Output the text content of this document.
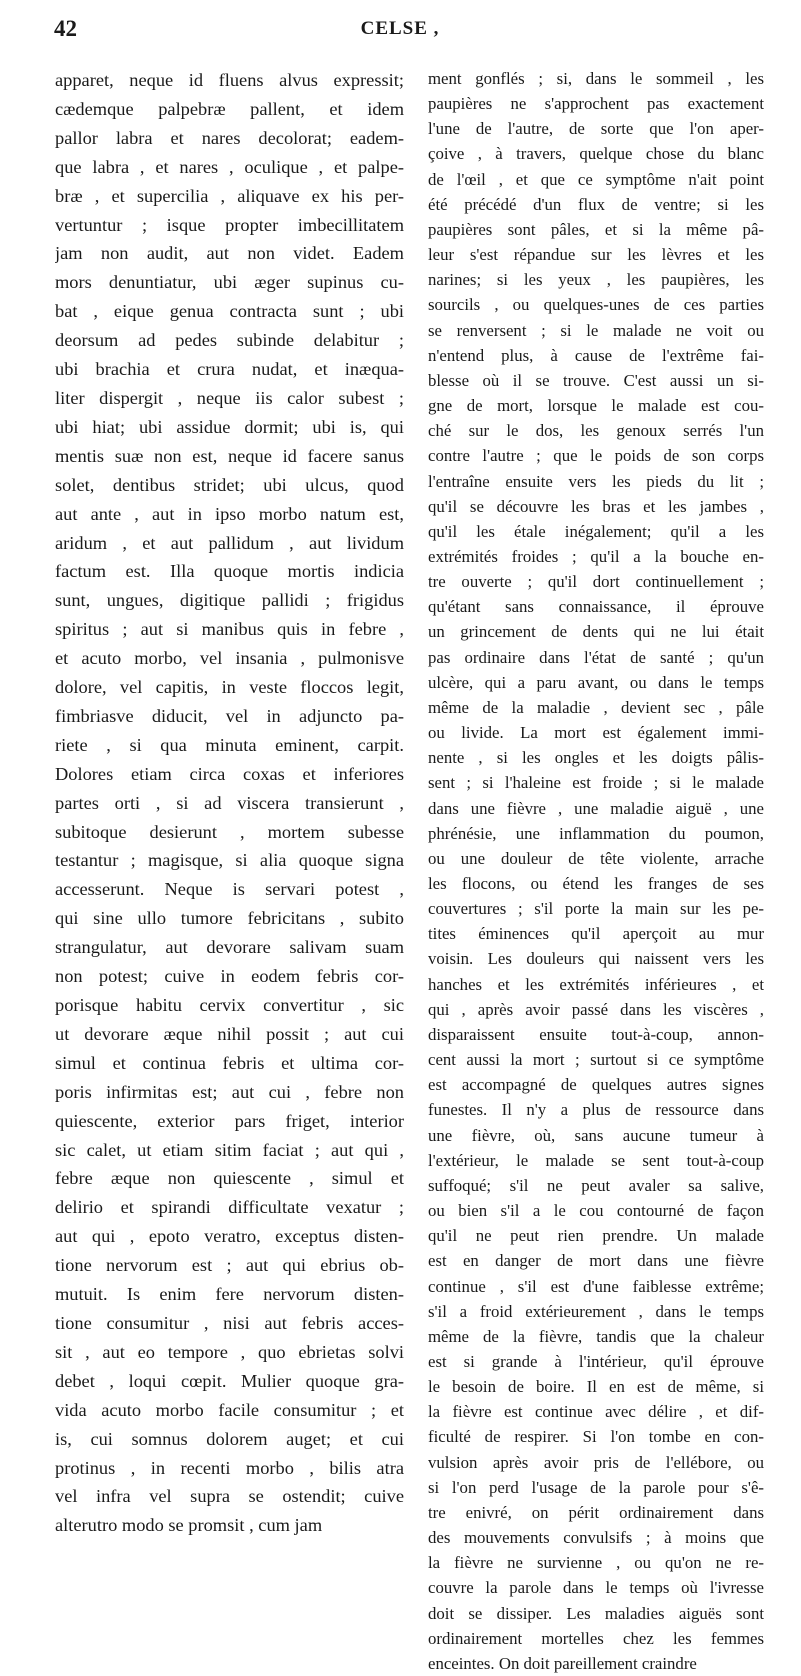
42	CELSE ,
apparet, neque id fluens alvus expressit;
cædemque palpebræ pallent, et idem
pallor labra et nares decolorat; eadem-
que labra , et nares , oculique , et palpe-
bræ , et supercilia , aliquave ex his per-
vertuntur ; isque propter imbecillitatem
jam non audit, aut non videt. Eadem
mors denuntiatur, ubi æger supinus cu-
bat , eique genua contracta sunt ; ubi
deorsum ad pedes subinde delabitur ;
ubi brachia et crura nudat, et inæqua-
liter dispergit , neque iis calor subest ;
ubi hiat; ubi assidue dormit; ubi is, qui
mentis suæ non est, neque id facere sanus
solet, dentibus stridet; ubi ulcus, quod
aut ante , aut in ipso morbo natum est,
aridum , et aut pallidum , aut lividum
factum est. Illa quoque mortis indicia
sunt, ungues, digitique pallidi ; frigidus
spiritus ; aut si manibus quis in febre ,
et acuto morbo, vel insania , pulmonisve
dolore, vel capitis, in veste floccos legit,
fimbriasve diducit, vel in adjuncto pa-
riete , si qua minuta eminent, carpit.
Dolores etiam circa coxas et inferiores
partes orti , si ad viscera transierunt ,
subitoque desierunt , mortem subesse
testantur ; magisque, si alia quoque signa
accesserunt. Neque is servari potest ,
qui sine ullo tumore febricitans , subito
strangulatur, aut devorare salivam suam
non potest; cuive in eodem febris cor-
porisque habitu cervix convertitur , sic
ut devorare æque nihil possit ; aut cui
simul et continua febris et ultima cor-
poris infirmitas est; aut cui , febre non
quiescente, exterior pars friget, interior
sic calet, ut etiam sitim faciat ; aut qui ,
febre æque non quiescente , simul et
delirio et spirandi difficultate vexatur ;
aut qui , epoto veratro, exceptus disten-
tione nervorum est ; aut qui ebrius ob-
mutuit. Is enim fere nervorum disten-
tione consumitur , nisi aut febris acces-
sit , aut eo tempore , quo ebrietas solvi
debet , loqui cœpit. Mulier quoque gra-
vida acuto morbo facile consumitur ; et
is, cui somnus dolorem auget; et cui
protinus , in recenti morbo , bilis atra
vel infra vel supra se ostendit; cuive
alterutro modo se promsit , cum jam
ment gonflés ; si, dans le sommeil , les
paupières ne s'approchent pas exactement
l'une de l'autre, de sorte que l'on aper-
çoive , à travers, quelque chose du blanc
de l'œil , et que ce symptôme n'ait point
été précédé d'un flux de ventre; si les
paupières sont pâles, et si la même pâ-
leur s'est répandue sur les lèvres et les
narines; si les yeux , les paupières, les
sourcils , ou quelques-unes de ces parties
se renversent ; si le malade ne voit ou
n'entend plus, à cause de l'extrême fai-
blesse où il se trouve. C'est aussi un si-
gne de mort, lorsque le malade est cou-
ché sur le dos, les genoux serrés l'un
contre l'autre ; que le poids de son corps
l'entraîne ensuite vers les pieds du lit ;
qu'il se découvre les bras et les jambes ,
qu'il les étale inégalement; qu'il a les
extrémités froides ; qu'il a la bouche en-
tre ouverte ; qu'il dort continuellement ;
qu'étant sans connaissance, il éprouve
un grincement de dents qui ne lui était
pas ordinaire dans l'état de santé ; qu'un
ulcère, qui a paru avant, ou dans le temps
même de la maladie , devient sec , pâle
ou livide. La mort est également immi-
nente , si les ongles et les doigts pâlis-
sent ; si l'haleine est froide ; si le malade
dans une fièvre , une maladie aiguë , une
phrénésie, une inflammation du poumon,
ou une douleur de tête violente, arrache
les flocons, ou étend les franges de ses
couvertures ; s'il porte la main sur les pe-
tites éminences qu'il aperçoit au mur
voisin. Les douleurs qui naissent vers les
hanches et les extrémités inférieures , et
qui , après avoir passé dans les viscères ,
disparaissent ensuite tout-à-coup, annon-
cent aussi la mort ; surtout si ce symptôme
est accompagné de quelques autres signes
funestes. Il n'y a plus de ressource dans
une fièvre, où, sans aucune tumeur à
l'extérieur, le malade se sent tout-à-coup
suffoqué; s'il ne peut avaler sa salive,
ou bien s'il a le cou contourné de façon
qu'il ne peut rien prendre. Un malade
est en danger de mort dans une fièvre
continue , s'il est d'une faiblesse extrême;
s'il a froid extérieurement , dans le temps
même de la fièvre, tandis que la chaleur
est si grande à l'intérieur, qu'il éprouve
le besoin de boire. Il en est de même, si
la fièvre est continue avec délire , et dif-
ficulté de respirer. Si l'on tombe en con-
vulsion après avoir pris de l'ellébore, ou
si l'on perd l'usage de la parole pour s'ê-
tre enivré, on périt ordinairement dans
des mouvements convulsifs ; à moins que
la fièvre ne survienne , ou qu'on ne re-
couvre la parole dans le temps où l'ivresse
doit se dissiper. Les maladies aiguës sont
ordinairement mortelles chez les femmes
enceintes. On doit pareillement craindre
